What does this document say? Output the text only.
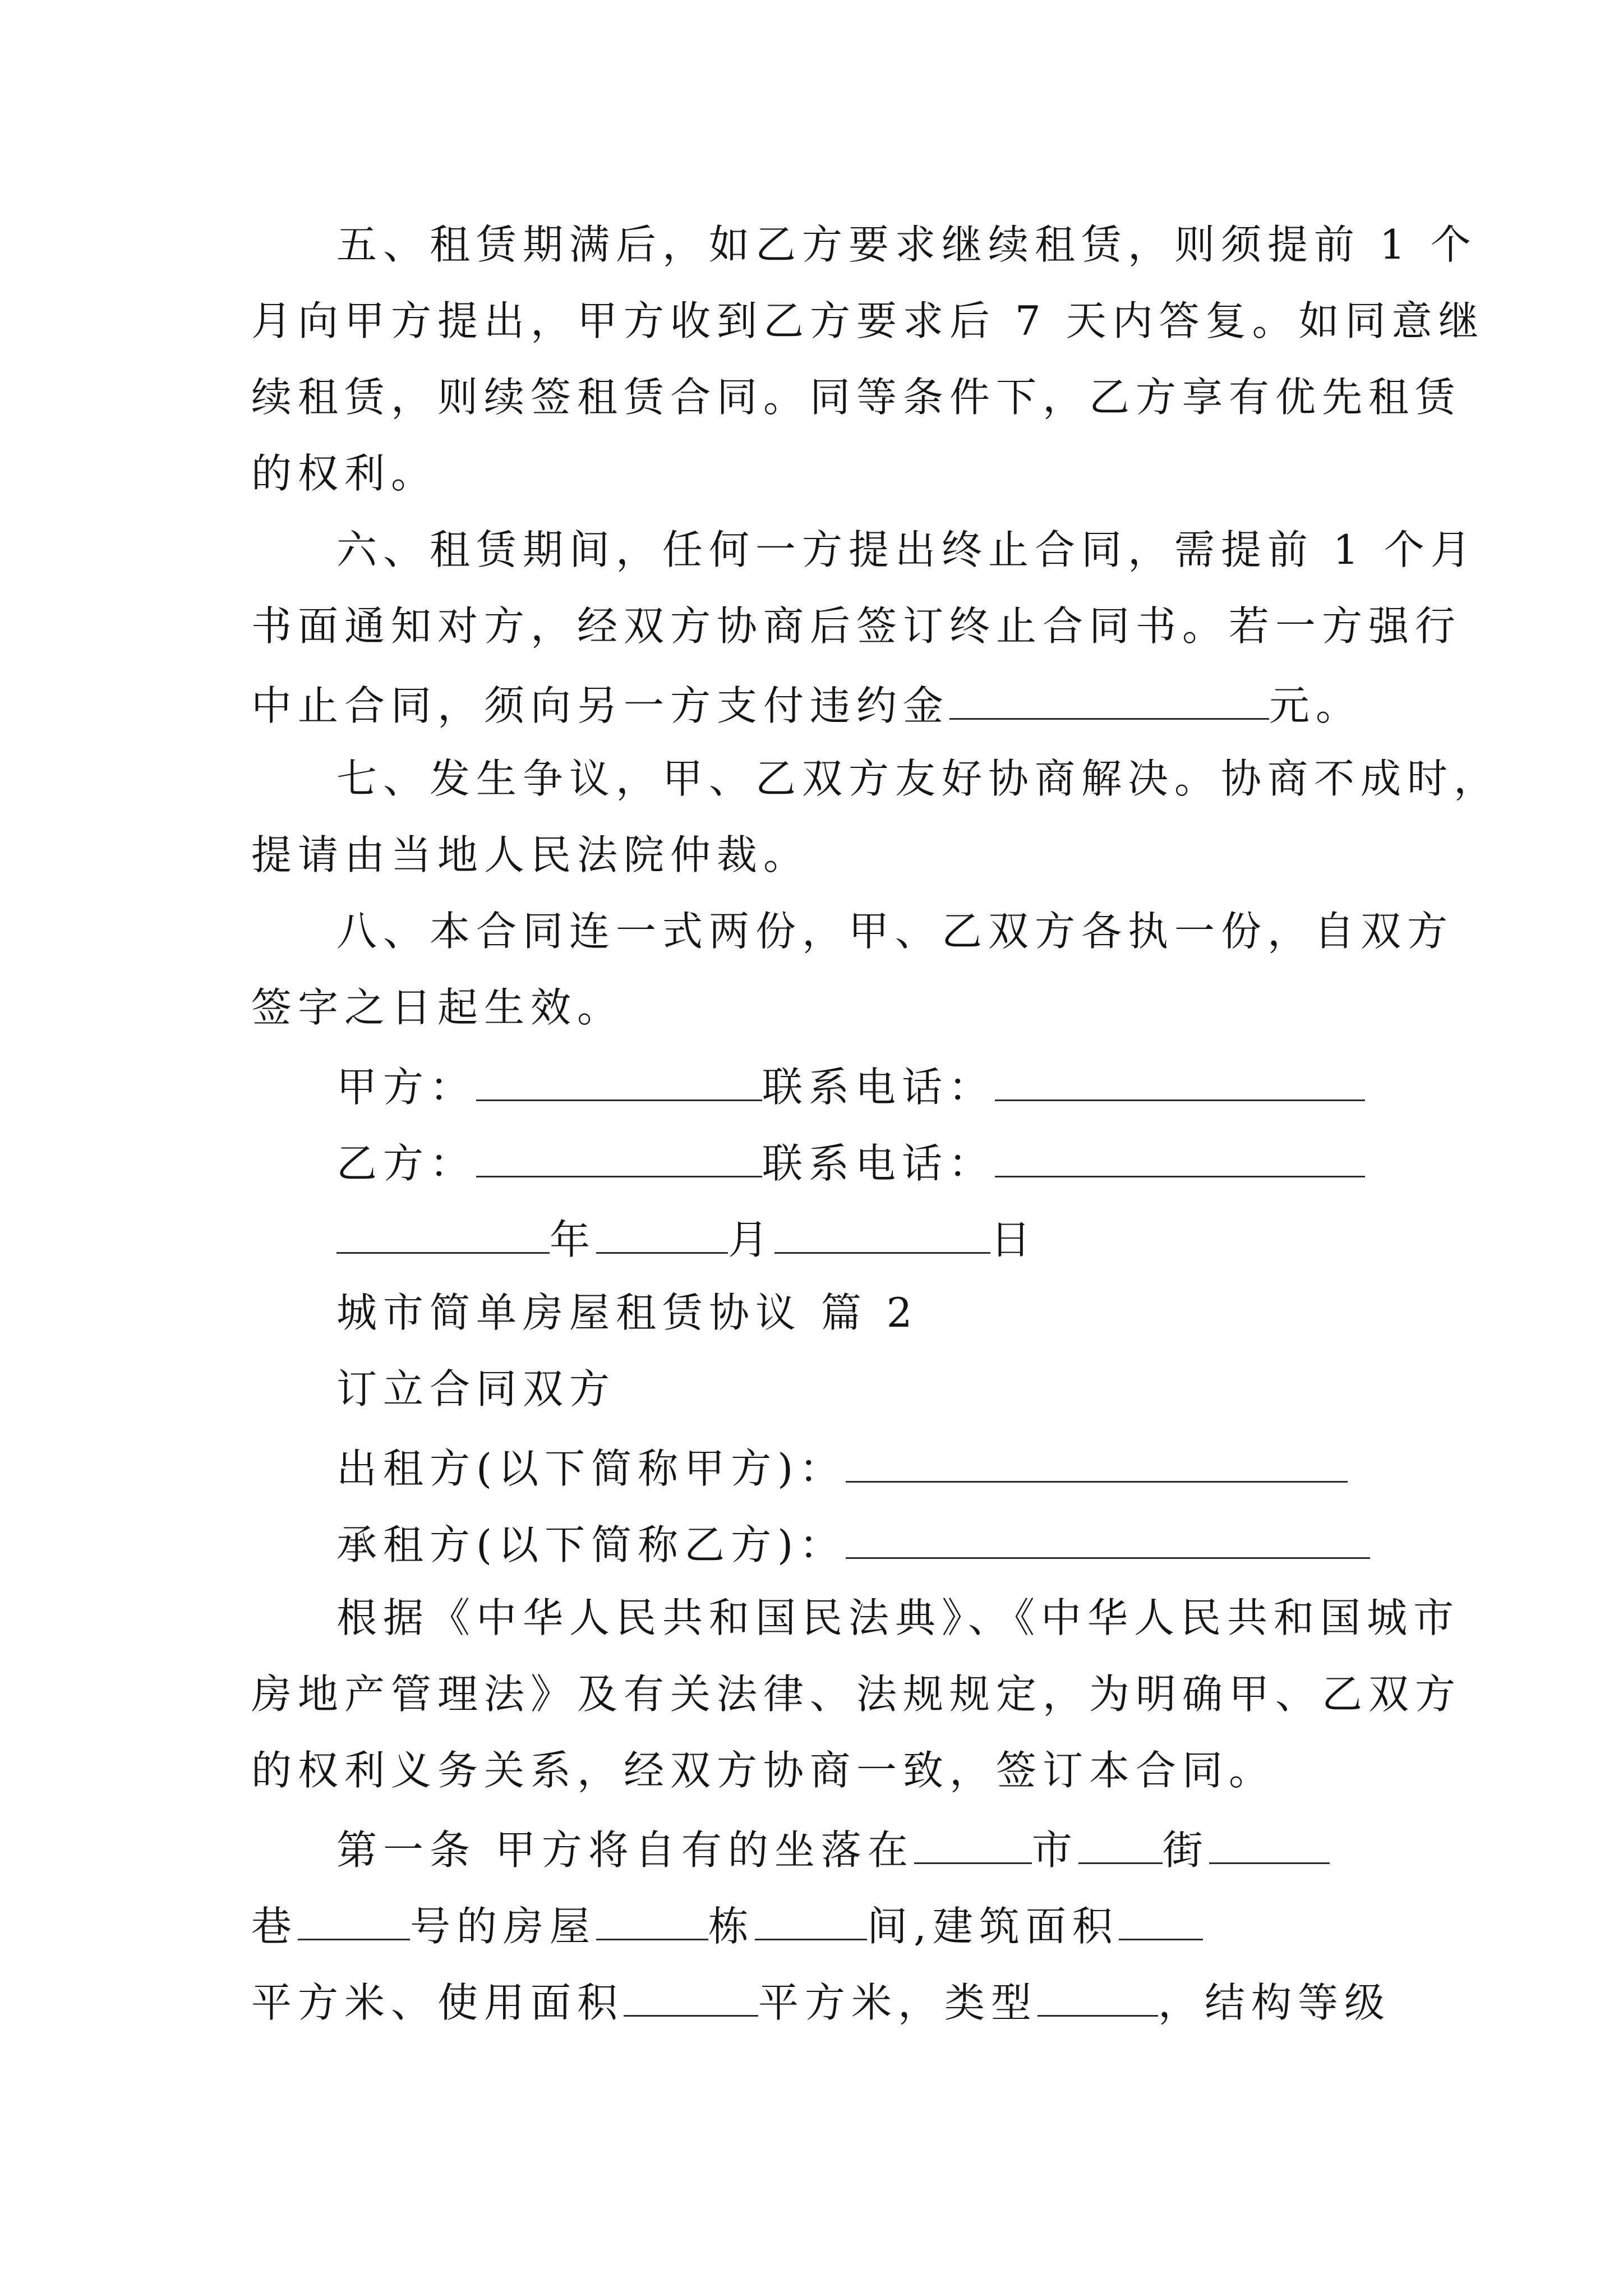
五、租赁期满后，如乙方要求继续租赁，则须提前 1 个
月向甲方提出，甲方收到乙方要求后 7 天内答复。如同意继
续租赁，则续签租赁合同。同等条件下，乙方享有优先租赁
的权利。
六、租赁期间，任何一方提出终止合同，需提前 1 个月
书面通知对方，经双方协商后签订终止合同书。若一方强行
中止合同，须向另一方支付违约金	元。
七、发生争议，甲、乙双方友好协商解决。协商不成时，
提请由当地人民法院仲裁。
八、本合同连一式两份，甲、乙双方各执一份，自双方
签字之日起生效。
甲方：	联系电话：
乙方：	联系电话：
年	月	日
城市简单房屋租赁协议 篇 2
订立合同双方
出租方(以下简称甲方)：
承租方(以下简称乙方)：
根据《中华人民共和国民法典》、《中华人民共和国城市
房地产管理法》及有关法律、法规规定，为明确甲、乙双方
的权利义务关系，经双方协商一致，签订本合同。
第一条 甲方将自有的坐落在	市 街
巷	号的房屋	栋	间,建筑面积
平方米、使用面积	平方米，类型	，结构等级
